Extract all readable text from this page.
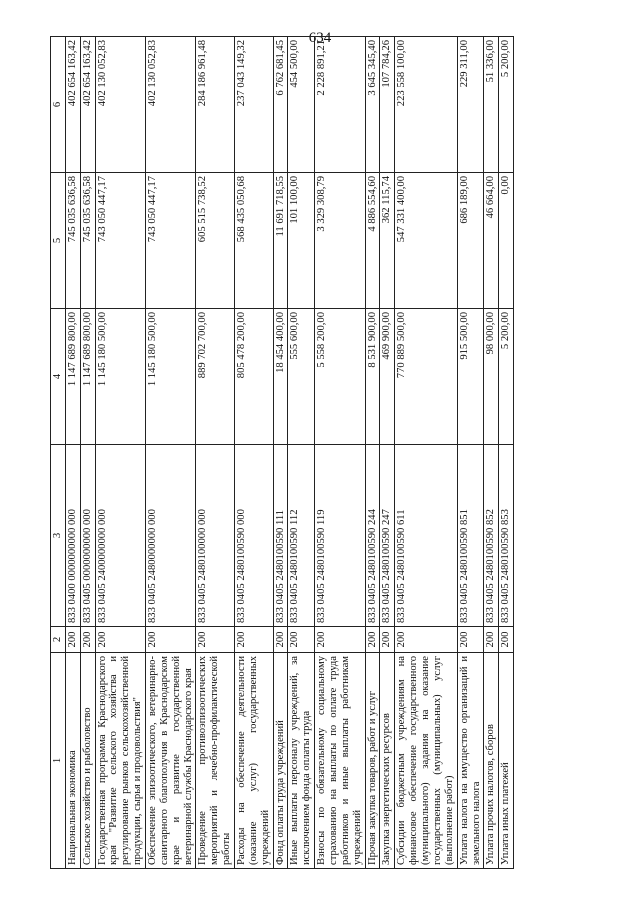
634
1	2	3	4	5	6
Национальная экономика	200	833 0400 0000000000 000	1 147 689 800,00	745 035 636,58	402 654 163,42
Сельское хозяйство и рыболовство	200	833 0405 0000000000 000	1 147 689 800,00	745 035 636,58	402 654 163,42
Государственная программа Краснодарского края "Развитие сельского хозяйства и регулирование рынков сельскохозяйственной продукции, сырья и продовольствия"	200	833 0405 2400000000 000	1 145 180 500,00	743 050 447,17	402 130 052,83
Обеспечение эпизоотического, ветеринарно-санитарного благополучия в Краснодарском крае и развитие государственной ветеринарной службы Краснодарского края	200	833 0405 2480000000 000	1 145 180 500,00	743 050 447,17	402 130 052,83
Проведение противоэпизоотических мероприятий и лечебно-профилактической работы	200	833 0405 2480100000 000	889 702 700,00	605 515 738,52	284 186 961,48
Расходы на обеспечение деятельности (оказание услуг) государственных учреждений	200	833 0405 2480100590 000	805 478 200,00	568 435 050,68	237 043 149,32
Фонд оплаты труда учреждений	200	833 0405 2480100590 111	18 454 400,00	11 691 718,55	6 762 681,45
Иные выплаты персоналу учреждений, за исключением фонда оплаты труда	200	833 0405 2480100590 112	555 600,00	101 100,00	454 500,00
Взносы по обязательному социальному страхованию на выплаты по оплате труда работников и иные выплаты работникам учреждений	200	833 0405 2480100590 119	5 558 200,00	3 329 308,79	2 228 891,21
Прочая закупка товаров, работ и услуг	200	833 0405 2480100590 244	8 531 900,00	4 886 554,60	3 645 345,40
Закупка энергетических ресурсов	200	833 0405 2480100590 247	469 900,00	362 115,74	107 784,26
Субсидии бюджетным учреждениям на финансовое обеспечение государственного (муниципального) задания на оказание государственных (муниципальных) услуг (выполнение работ)	200	833 0405 2480100590 611	770 889 500,00	547 331 400,00	223 558 100,00
Уплата налога на имущество организаций и земельного налога	200	833 0405 2480100590 851	915 500,00	686 189,00	229 311,00
Уплата прочих налогов, сборов	200	833 0405 2480100590 852	98 000,00	46 664,00	51 336,00
Уплата иных платежей	200	833 0405 2480100590 853	5 200,00	0,00	5 200,00
